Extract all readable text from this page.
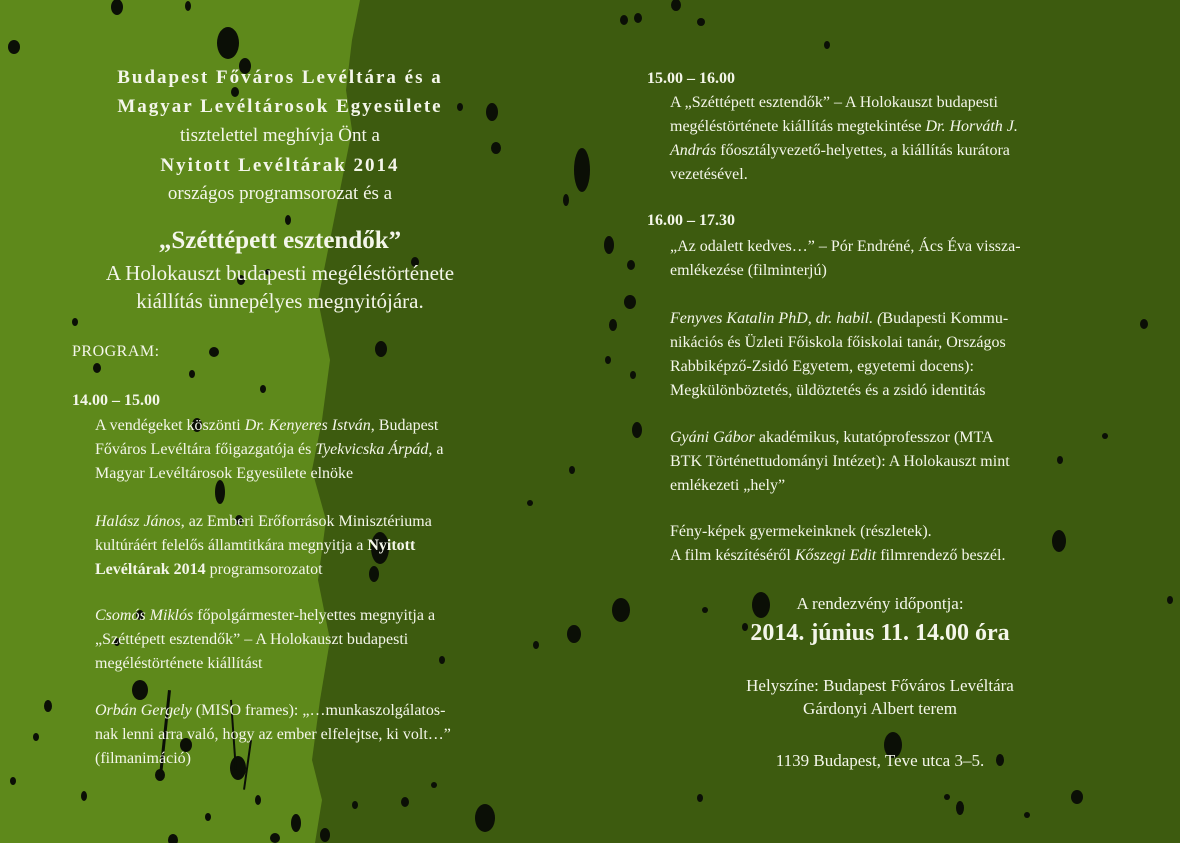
Budapest Főváros Levéltára és a
Magyar Levéltárosok Egyesülete
tisztelettel meghívja Önt a
Nyitott Levéltárak 2014
országos programsorozat és a
„Széttépett esztendők”
A Holokauszt budapesti megéléstörténete
kiállítás ünnepélyes megnyitójára.
PROGRAM:
14.00 – 15.00
A vendégeket köszönti Dr. Kenyeres István, Budapest
Főváros Levéltára főigazgatója és Tyekvicska Árpád, a
Magyar Levéltárosok Egyesülete elnöke
Halász János, az Emberi Erőforrások Minisztériuma
kultúráért felelős államtitkára megnyitja a Nyitott
Levéltárak 2014 programsorozatot
Csomós Miklós főpolgármester-helyettes megnyitja a
„Széttépett esztendők” – A Holokauszt budapesti
megéléstörténete kiállítást
Orbán Gergely (MISO frames): „…munkaszolgálatos-
nak lenni arra való, hogy az ember elfelejtse, ki volt…”
(filmanimáció)
15.00 – 16.00
A „Széttépett esztendők” – A Holokauszt budapesti
megéléstörténete kiállítás megtekintése Dr. Horváth J.
András főosztályvezető-helyettes, a kiállítás kurátora
vezetésével.
16.00 – 17.30
„Az odalett kedves…” – Pór Endréné, Ács Éva vissza-
emlékezése (filminterjú)
Fenyves Katalin PhD, dr. habil. (Budapesti Kommu-
nikációs és Üzleti Főiskola főiskolai tanár, Országos
Rabbiképző-Zsidó Egyetem, egyetemi docens):
Megkülönböztetés, üldöztetés és a zsidó identitás
Gyáni Gábor akadémikus, kutatóprofesszor (MTA
BTK Történettudományi Intézet): A Holokauszt mint
emlékezeti „hely”
Fény-képek gyermekeinknek (részletek).
A film készítéséről Kőszegi Edit filmrendező beszél.
A rendezvény időpontja:
2014. június 11. 14.00 óra
Helyszíne: Budapest Főváros Levéltára
Gárdonyi Albert terem
1139 Budapest, Teve utca 3–5.
